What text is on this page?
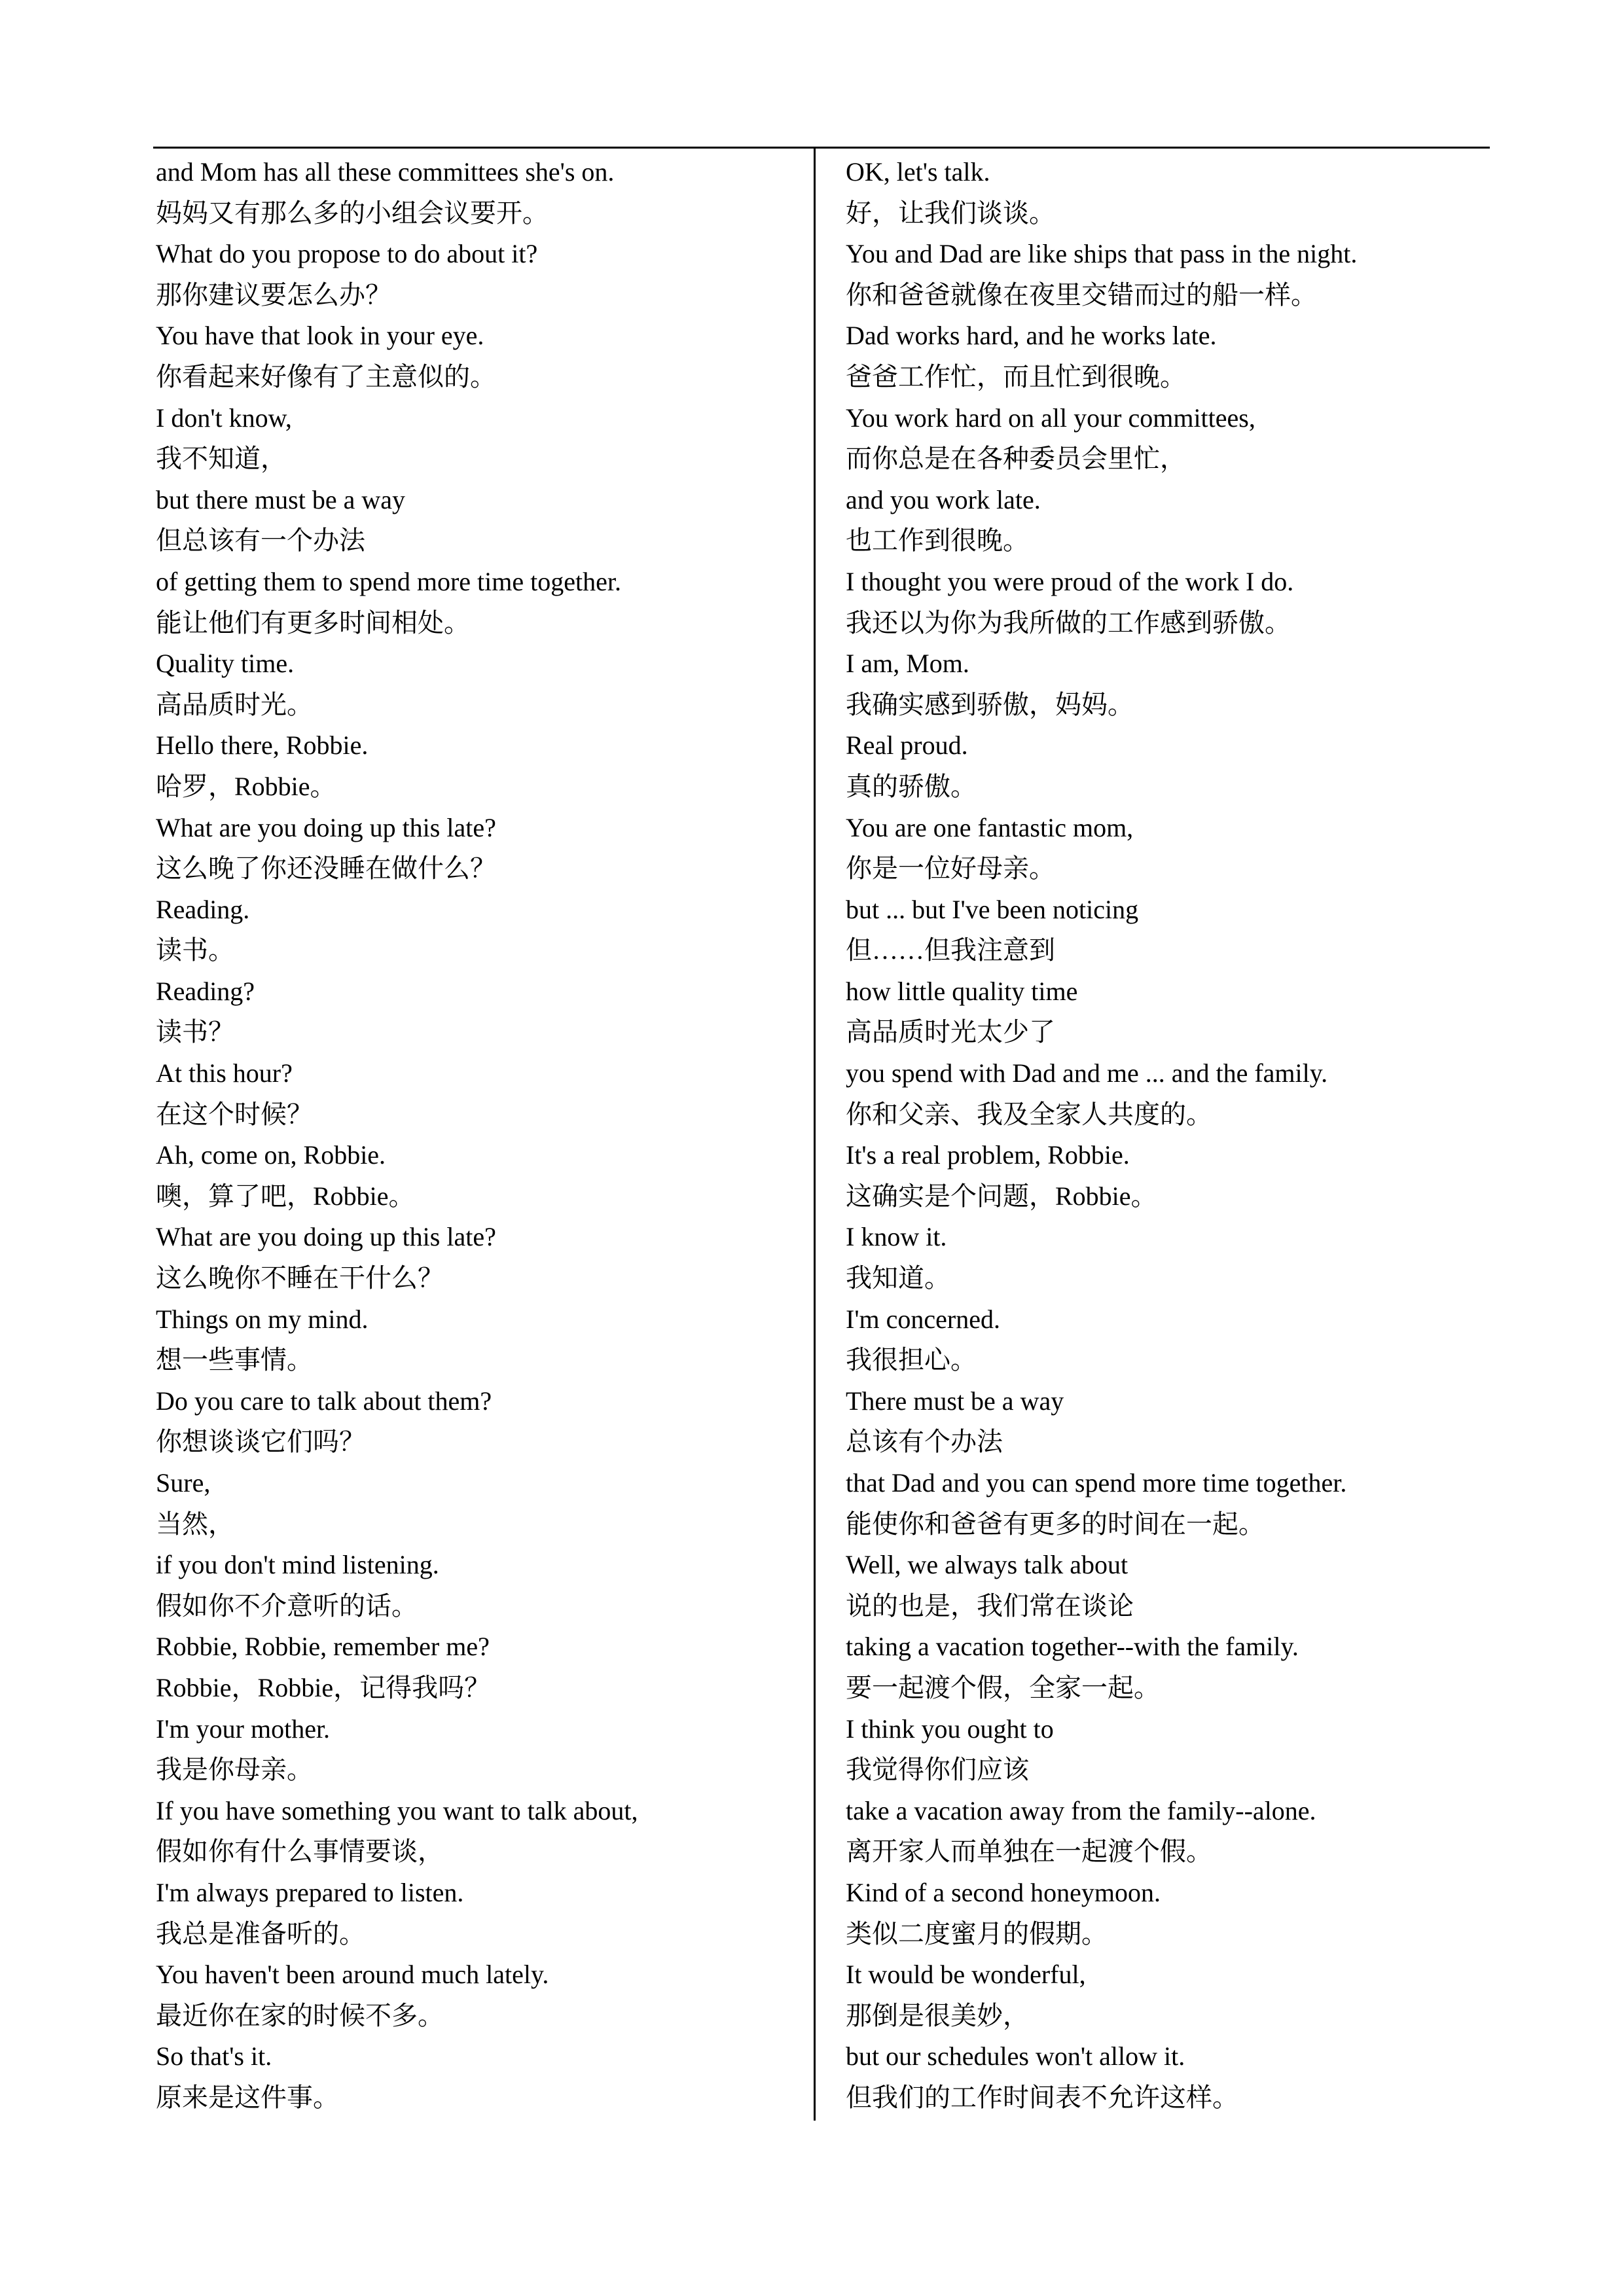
and Mom has all these committees she's on.
妈妈又有那么多的小组会议要开。
What do you propose to do about it?
那你建议要怎么办？
You have that look in your eye.
你看起来好像有了主意似的。
I don't know,
我不知道，
but there must be a way
但总该有一个办法
of getting them to spend more time together.
能让他们有更多时间相处。
Quality time.
高品质时光。
Hello there, Robbie.
哈罗，Robbie。
What are you doing up this late?
这么晚了你还没睡在做什么？
Reading.
读书。
Reading?
读书？
At this hour?
在这个时候？
Ah, come on, Robbie.
噢，算了吧，Robbie。
What are you doing up this late?
这么晚你不睡在干什么？
Things on my mind.
想一些事情。
Do you care to talk about them?
你想谈谈它们吗？
Sure,
当然，
if you don't mind listening.
假如你不介意听的话。
Robbie, Robbie, remember me?
Robbie，Robbie，记得我吗？
I'm your mother.
我是你母亲。
If you have something you want to talk about,
假如你有什么事情要谈，
I'm always prepared to listen.
我总是准备听的。
You haven't been around much lately.
最近你在家的时候不多。
So that's it.
原来是这件事。
OK, let's talk.
好，让我们谈谈。
You and Dad are like ships that pass in the night.
你和爸爸就像在夜里交错而过的船一样。
Dad works hard, and he works late.
爸爸工作忙，而且忙到很晚。
You work hard on all your committees,
而你总是在各种委员会里忙，
and you work late.
也工作到很晚。
I thought you were proud of the work I do.
我还以为你为我所做的工作感到骄傲。
I am, Mom.
我确实感到骄傲，妈妈。
Real proud.
真的骄傲。
You are one fantastic mom,
你是一位好母亲。
but ... but I've been noticing
但……但我注意到
how little quality time
高品质时光太少了
you spend with Dad and me ... and the family.
你和父亲、我及全家人共度的。
It's a real problem, Robbie.
这确实是个问题，Robbie。
I know it.
我知道。
I'm concerned.
我很担心。
There must be a way
总该有个办法
that Dad and you can spend more time together.
能使你和爸爸有更多的时间在一起。
Well, we always talk about
说的也是，我们常在谈论
taking a vacation together--with the family.
要一起渡个假，全家一起。
I think you ought to
我觉得你们应该
take a vacation away from the family--alone.
离开家人而单独在一起渡个假。
Kind of a second honeymoon.
类似二度蜜月的假期。
It would be wonderful,
那倒是很美妙，
but our schedules won't allow it.
但我们的工作时间表不允许这样。
